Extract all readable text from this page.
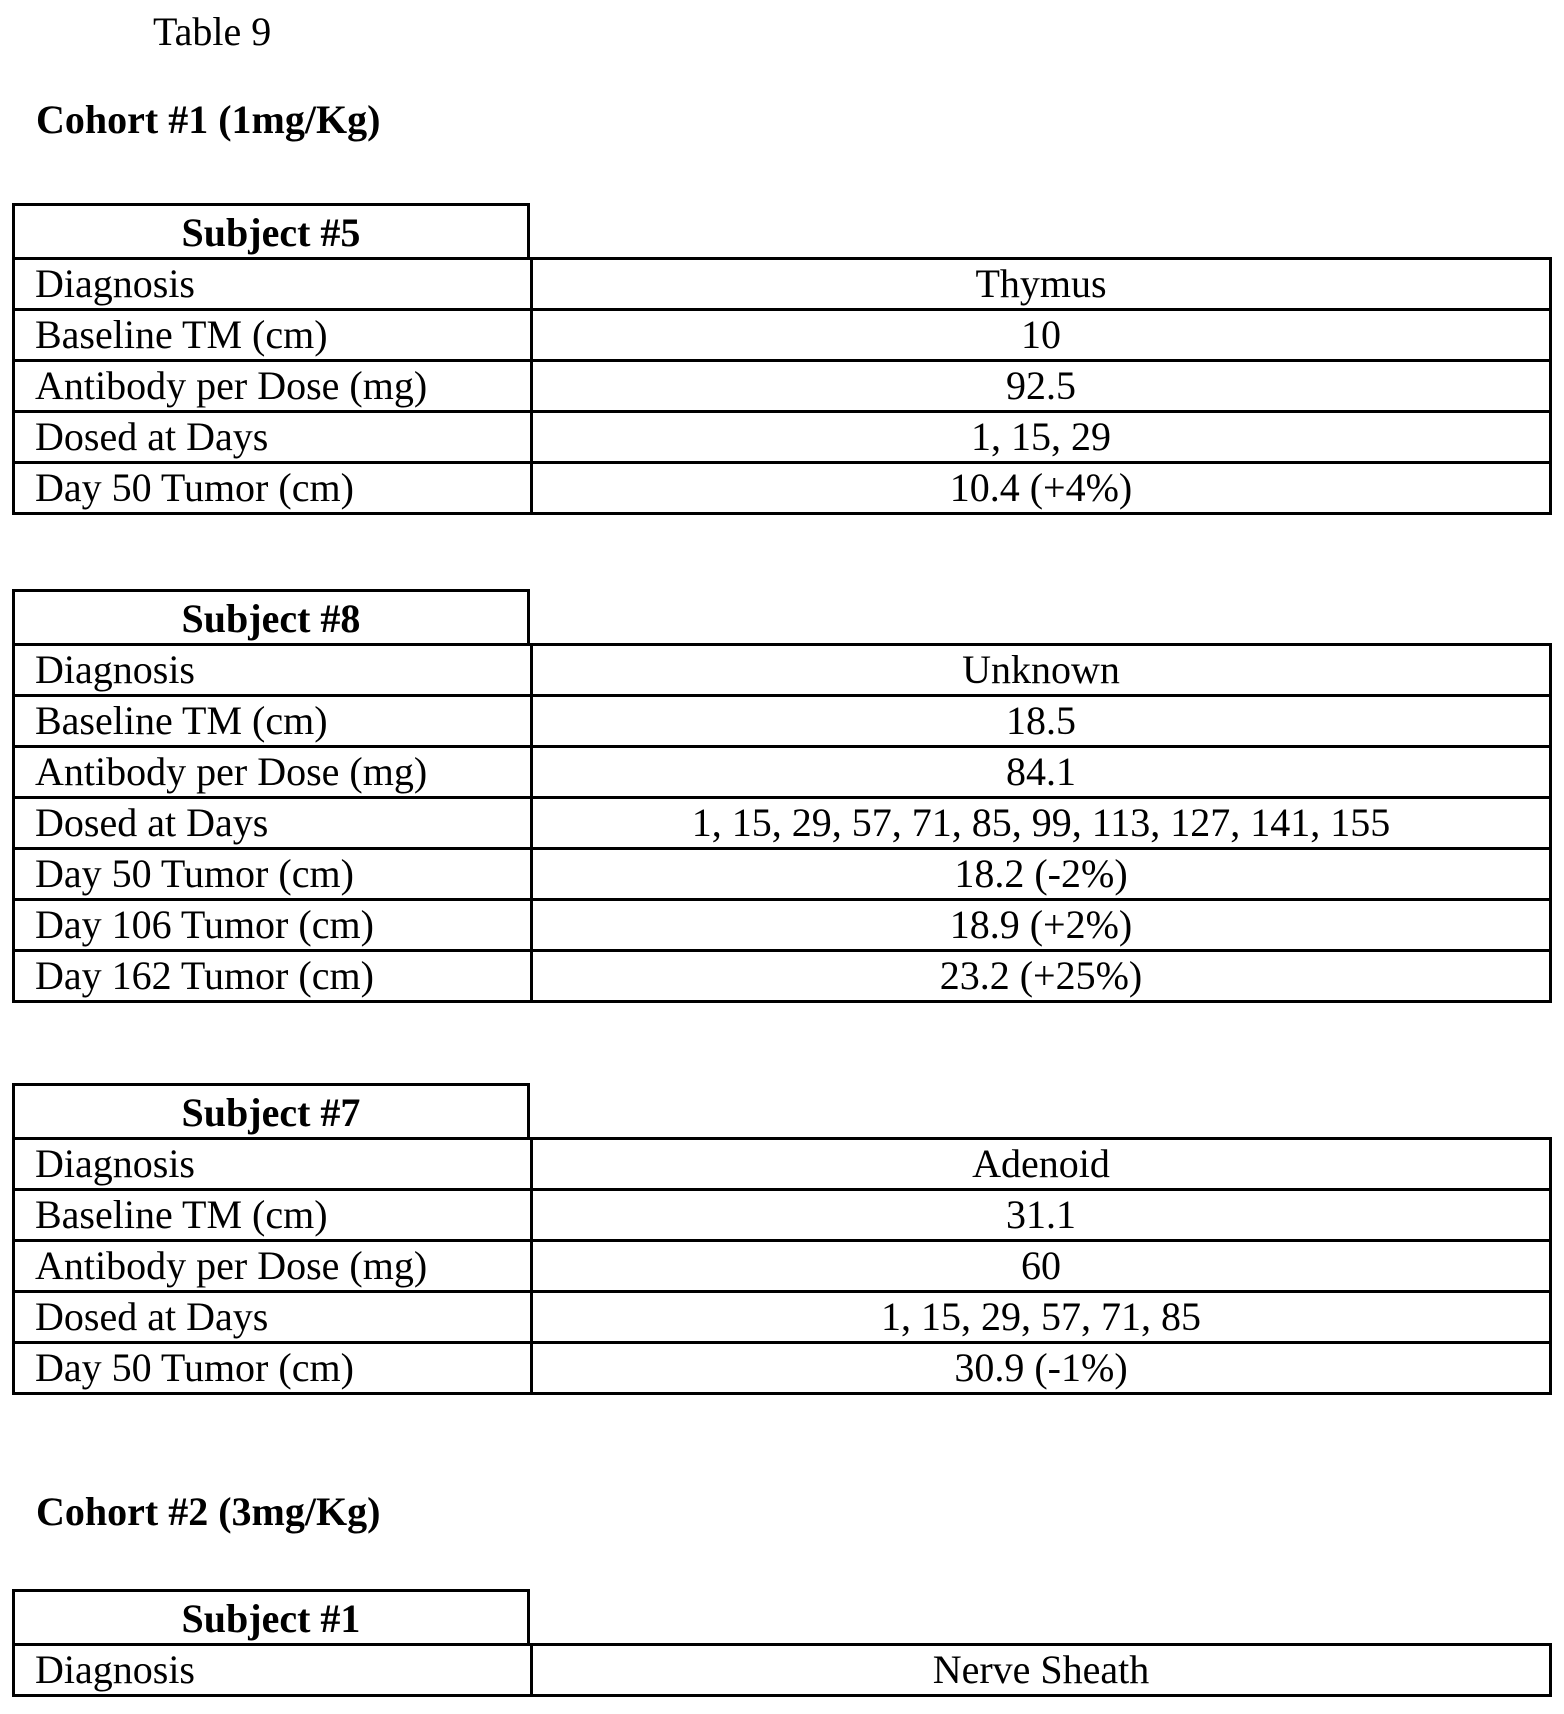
Table 9
Cohort #1 (1mg/Kg)
Subject #5
Diagnosis	Thymus
Baseline TM (cm)	10
Antibody per Dose (mg)	92.5
Dosed at Days	1, 15, 29
Day 50 Tumor (cm)	10.4 (+4%)
Subject #8
Diagnosis	Unknown
Baseline TM (cm)	18.5
Antibody per Dose (mg)	84.1
Dosed at Days	1, 15, 29, 57, 71, 85, 99, 113, 127, 141, 155
Day 50 Tumor (cm)	18.2 (-2%)
Day 106 Tumor (cm)	18.9 (+2%)
Day 162 Tumor (cm)	23.2 (+25%)
Subject #7
Diagnosis	Adenoid
Baseline TM (cm)	31.1
Antibody per Dose (mg)	60
Dosed at Days	1, 15, 29, 57, 71, 85
Day 50 Tumor (cm)	30.9 (-1%)
Cohort #2 (3mg/Kg)
Subject #1
Diagnosis	Nerve Sheath
